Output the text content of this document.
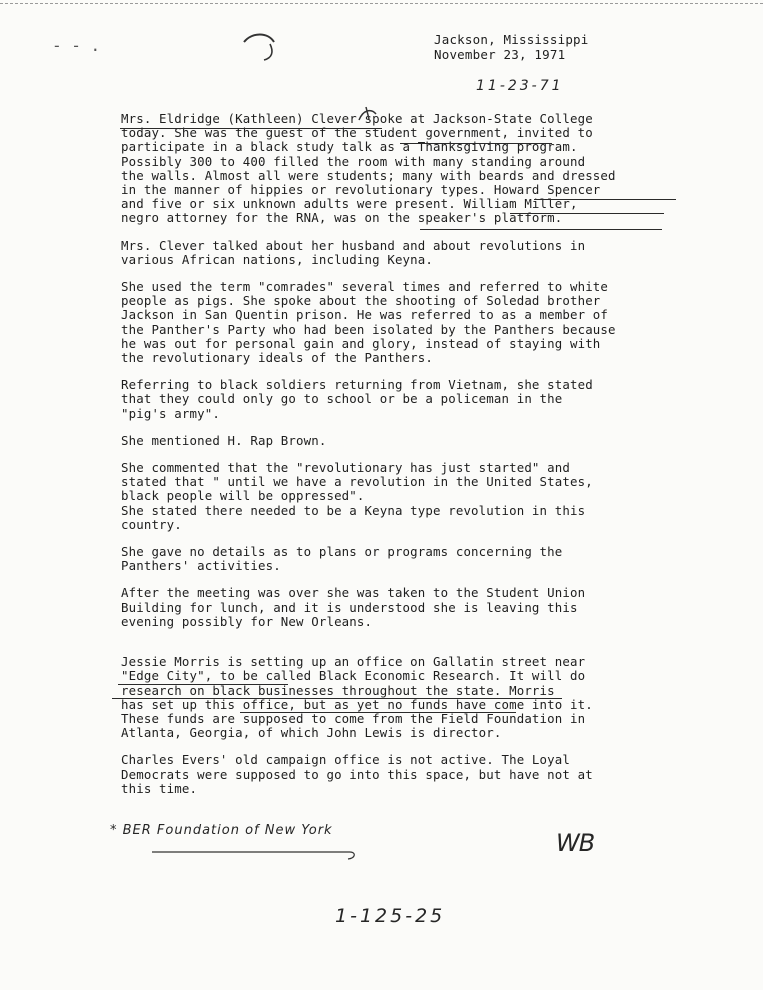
- - .	Jackson, Mississippi
November 23, 1971
11-23-71

Mrs. Eldridge (Kathleen) Clever spoke at Jackson-State College
today. She was the guest of the student government, invited to
participate in a black study talk as a Thanksgiving program.
Possibly 300 to 400 filled the room with many standing around
the walls. Almost all were students; many with beards and dressed
in the manner of hippies or revolutionary types. Howard Spencer
and five or six unknown adults were present. William Miller,
negro attorney for the RNA, was on the speaker's platform.

Mrs. Clever talked about her husband and about revolutions in
various African nations, including Keyna.

She used the term "comrades" several times and referred to white
people as pigs. She spoke about the shooting of Soledad brother
Jackson in San Quentin prison. He was referred to as a member of
the Panther's Party who had been isolated by the Panthers because
he was out for personal gain and glory, instead of staying with
the revolutionary ideals of the Panthers.

Referring to black soldiers returning from Vietnam, she stated
that they could only go to school or be a policeman in the
"pig's army".

She mentioned H. Rap Brown.

She commented that the "revolutionary has just started" and
stated that " until we have a revolution in the United States,
black people will be oppressed".
She stated there needed to be a Keyna type revolution in this
country.

She gave no details as to plans or programs concerning the
Panthers' activities.

After the meeting was over she was taken to the Student Union
Building for lunch, and it is understood she is leaving this
evening possibly for New Orleans.

Jessie Morris is setting up an office on Gallatin street near
"Edge City", to be called Black Economic Research. It will do
research on black businesses throughout the state. Morris
has set up this office, but as yet no funds have come into it.
These funds are supposed to come from the Field Foundation in
Atlanta, Georgia, of which John Lewis is director.

Charles Evers' old campaign office is not active. The Loyal
Democrats were supposed to go into this space, but have not at
this time.

* BER Foundation of New York	WB
1-125-25
